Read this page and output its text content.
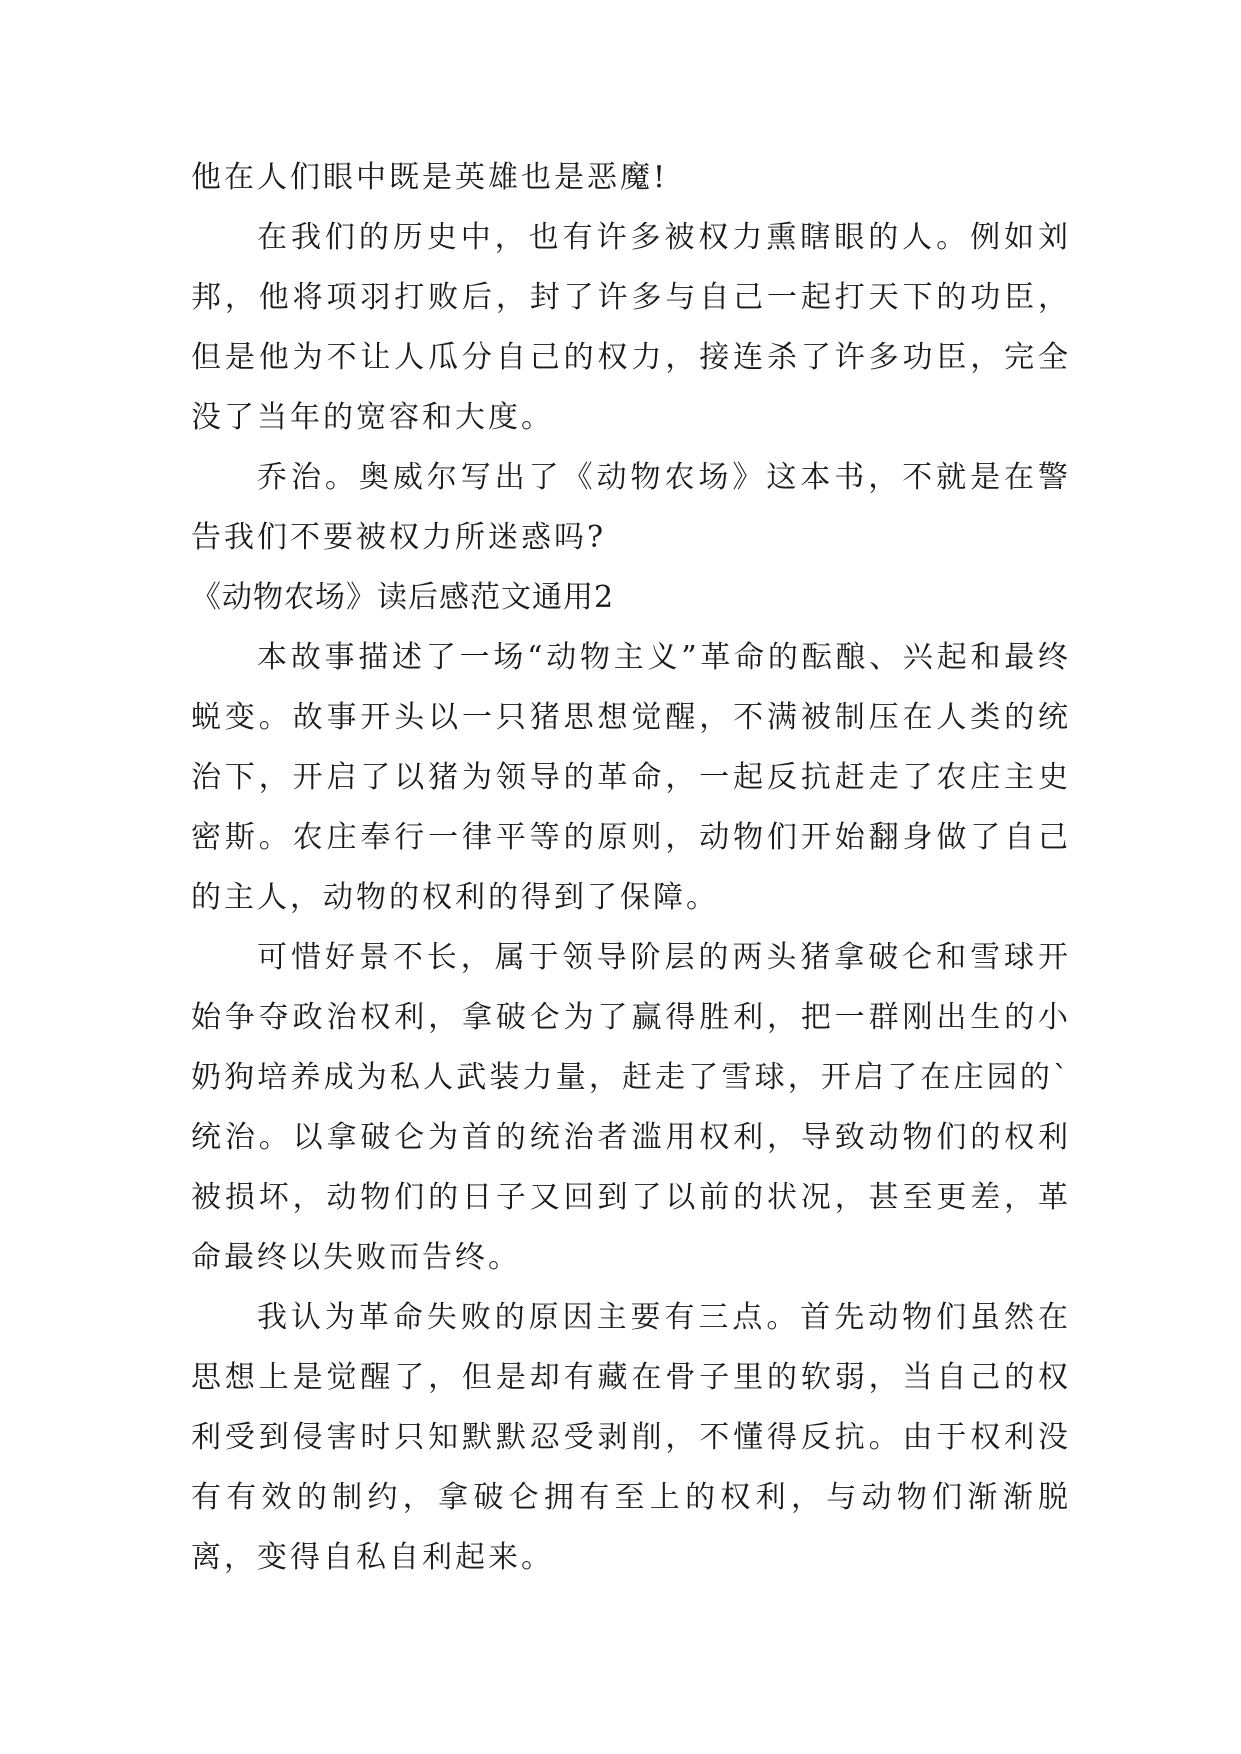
他在人们眼中既是英雄也是恶魔!

在我们的历史中，也有许多被权力熏瞎眼的人。例如刘邦，他将项羽打败后，封了许多与自己一起打天下的功臣，但是他为不让人瓜分自己的权力，接连杀了许多功臣，完全没了当年的宽容和大度。

乔治。奥威尔写出了《动物农场》这本书，不就是在警告我们不要被权力所迷惑吗?

《动物农场》读后感范文通用2

本故事描述了一场“动物主义”革命的酝酿、兴起和最终蜕变。故事开头以一只猪思想觉醒，不满被制压在人类的统治下，开启了以猪为领导的革命，一起反抗赶走了农庄主史密斯。农庄奉行一律平等的原则，动物们开始翻身做了自己的主人，动物的权利的得到了保障。

可惜好景不长，属于领导阶层的两头猪拿破仑和雪球开始争夺政治权利，拿破仑为了赢得胜利，把一群刚出生的小奶狗培养成为私人武装力量，赶走了雪球，开启了在庄园的`统治。以拿破仑为首的统治者滥用权利，导致动物们的权利被损坏，动物们的日子又回到了以前的状况，甚至更差，革命最终以失败而告终。

我认为革命失败的原因主要有三点。首先动物们虽然在思想上是觉醒了，但是却有藏在骨子里的软弱，当自己的权利受到侵害时只知默默忍受剥削，不懂得反抗。由于权利没有有效的制约，拿破仑拥有至上的权利，与动物们渐渐脱离，变得自私自利起来。
